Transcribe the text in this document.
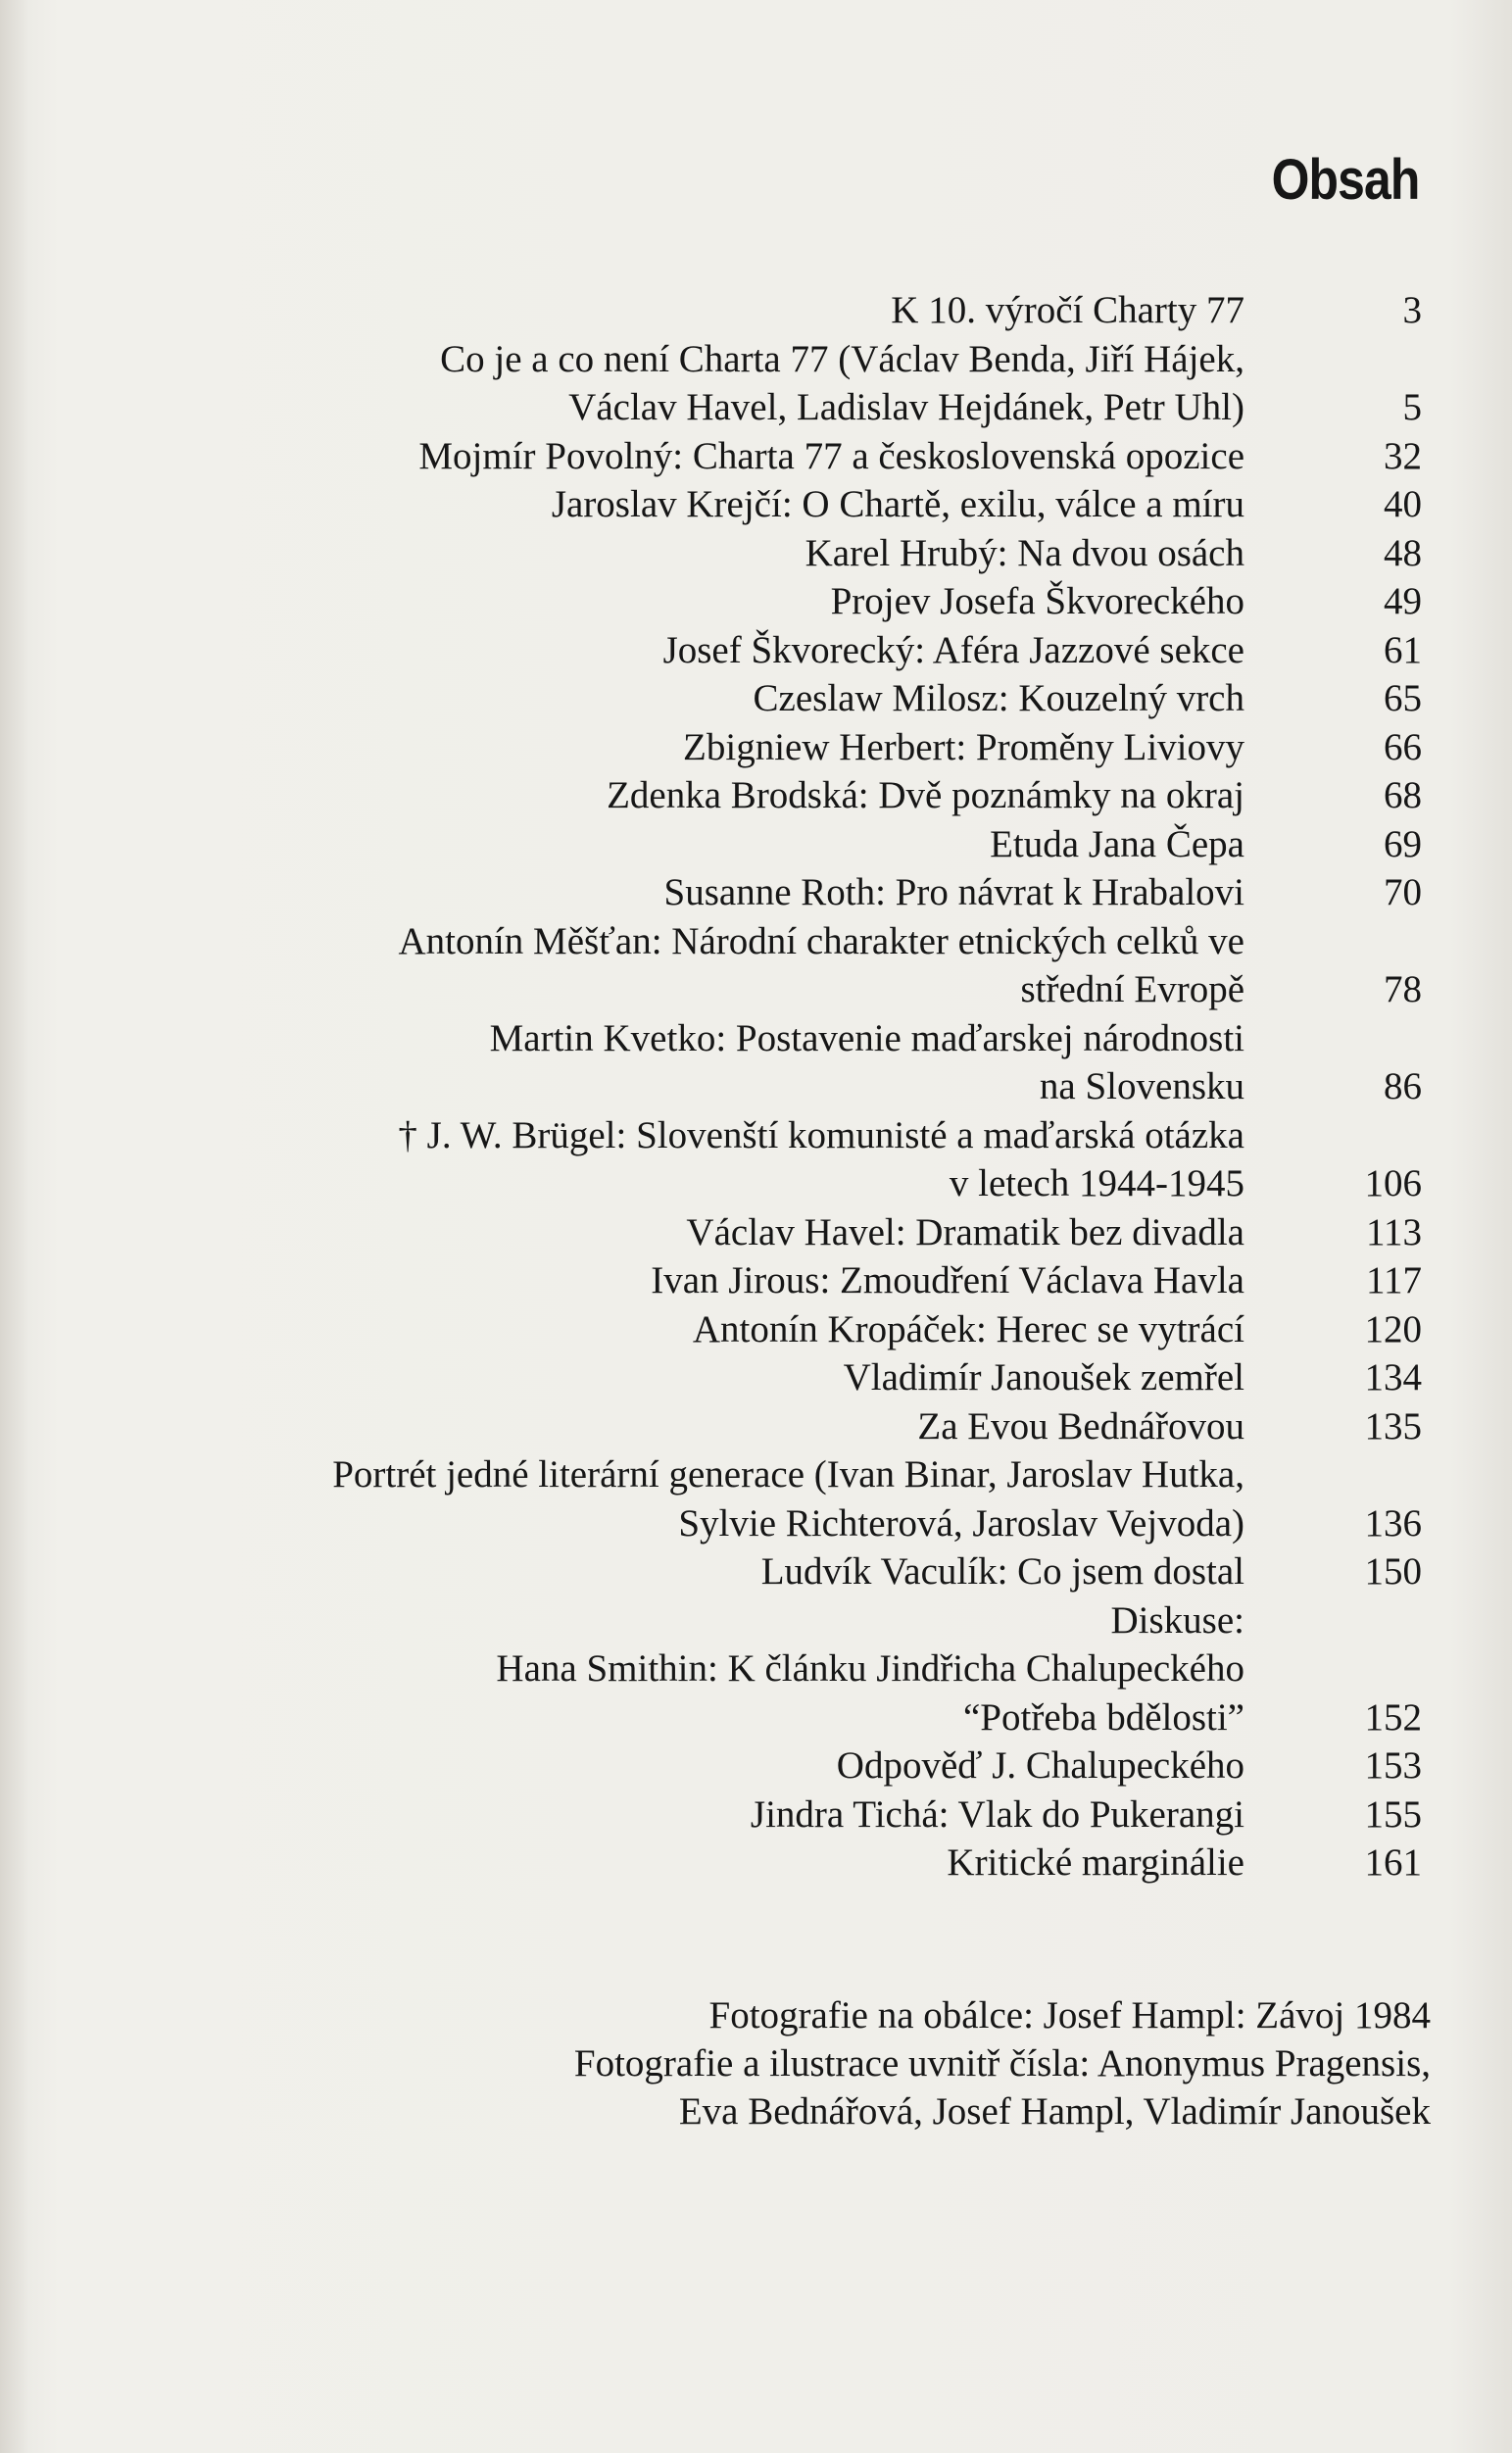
Obsah
K 10. výročí Charty 77	3
Co je a co není Charta 77 (Václav Benda, Jiří Hájek,
Václav Havel, Ladislav Hejdánek, Petr Uhl)	5
Mojmír Povolný: Charta 77 a československá opozice	32
Jaroslav Krejčí: O Chartě, exilu, válce a míru	40
Karel Hrubý: Na dvou osách	48
Projev Josefa Škvoreckého	49
Josef Škvorecký: Aféra Jazzové sekce	61
Czeslaw Milosz: Kouzelný vrch	65
Zbigniew Herbert: Proměny Liviovy	66
Zdenka Brodská: Dvě poznámky na okraj	68
Etuda Jana Čepa	69
Susanne Roth: Pro návrat k Hrabalovi	70
Antonín Měšťan: Národní charakter etnických celků ve
střední Evropě	78
Martin Kvetko: Postavenie maďarskej národnosti
na Slovensku	86
† J. W. Brügel: Slovenští komunisté a maďarská otázka
v letech 1944-1945	106
Václav Havel: Dramatik bez divadla	113
Ivan Jirous: Zmoudření Václava Havla	117
Antonín Kropáček: Herec se vytrácí	120
Vladimír Janoušek zemřel	134
Za Evou Bednářovou	135
Portrét jedné literární generace (Ivan Binar, Jaroslav Hutka,
Sylvie Richterová, Jaroslav Vejvoda)	136
Ludvík Vaculík: Co jsem dostal	150
Diskuse:
Hana Smithin: K článku Jindřicha Chalupeckého
“Potřeba bdělosti”	152
Odpověď J. Chalupeckého	153
Jindra Tichá: Vlak do Pukerangi	155
Kritické marginálie	161
Fotografie na obálce: Josef Hampl: Závoj 1984
Fotografie a ilustrace uvnitř čísla: Anonymus Pragensis,
Eva Bednářová, Josef Hampl, Vladimír Janoušek
